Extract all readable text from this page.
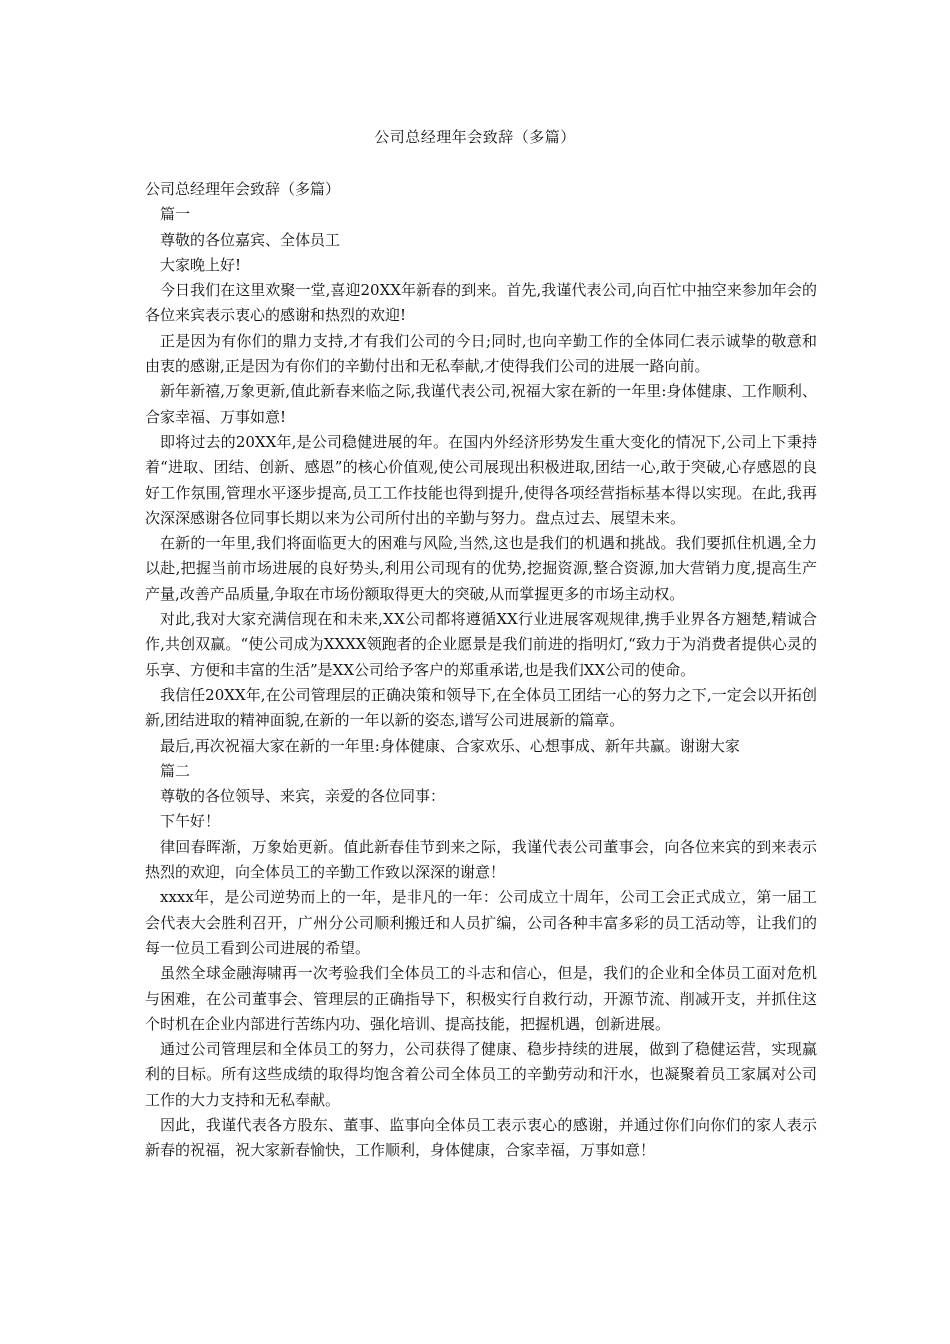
公司总经理年会致辞（多篇）

公司总经理年会致辞（多篇）

篇一

尊敬的各位嘉宾、全体员工

大家晚上好!

今日我们在这里欢聚一堂,喜迎20XX年新春的到来。首先,我谨代表公司,向百忙中抽空来参加年会的各位来宾表示衷心的感谢和热烈的欢迎!

正是因为有你们的鼎力支持,才有我们公司的今日;同时,也向辛勤工作的全体同仁表示诚挚的敬意和由衷的感谢,正是因为有你们的辛勤付出和无私奉献,才使得我们公司的进展一路向前。

新年新禧,万象更新,值此新春来临之际,我谨代表公司,祝福大家在新的一年里:身体健康、工作顺利、合家幸福、万事如意!

即将过去的20XX年,是公司稳健进展的年。在国内外经济形势发生重大变化的情况下,公司上下秉持着“进取、团结、创新、感恩”的核心价值观,使公司展现出积极进取,团结一心,敢于突破,心存感恩的良好工作氛围,管理水平逐步提高,员工工作技能也得到提升,使得各项经营指标基本得以实现。在此,我再次深深感谢各位同事长期以来为公司所付出的辛勤与努力。盘点过去、展望未来。

在新的一年里,我们将面临更大的困难与风险,当然,这也是我们的机遇和挑战。我们要抓住机遇,全力以赴,把握当前市场进展的良好势头,利用公司现有的优势,挖掘资源,整合资源,加大营销力度,提高生产产量,改善产品质量,争取在市场份额取得更大的突破,从而掌握更多的市场主动权。

对此,我对大家充满信现在和未来,ⅩX公司都将遵循XX行业进展客观规律,携手业界各方翘楚,精诚合作,共创双赢。“使公司成为XXXX领跑者的企业愿景是我们前进的指明灯,“致力于为消费者提供心灵的乐享、方便和丰富的生活”是XX公司给予客户的郑重承诺,也是我们XX公司的使命。

我信任20XⅩ年,在公司管理层的正确决策和领导下,在全体员工团结一心的努力之下,一定会以开拓创新,团结进取的精神面貌,在新的一年以新的姿态,谱写公司进展新的篇章。

最后,再次祝福大家在新的一年里:身体健康、合家欢乐、心想事成、新年共赢。谢谢大家

篇二

尊敬的各位领导、来宾，亲爱的各位同事：

下午好！

律回春晖渐，万象始更新。值此新春佳节到来之际，我谨代表公司董事会，向各位来宾的到来表示热烈的欢迎，向全体员工的辛勤工作致以深深的谢意！

xxxx年，是公司逆势而上的一年，是非凡的一年：公司成立十周年，公司工会正式成立，第一届工会代表大会胜利召开，广州分公司顺利搬迁和人员扩编，公司各种丰富多彩的员工活动等，让我们的每一位员工看到公司进展的希望。

虽然全球金融海啸再一次考验我们全体员工的斗志和信心，但是，我们的企业和全体员工面对危机与困难，在公司董事会、管理层的正确指导下，积极实行自救行动，开源节流、削减开支，并抓住这个时机在企业内部进行苦练内功、强化培训、提高技能，把握机遇，创新进展。

通过公司管理层和全体员工的努力，公司获得了健康、稳步持续的进展，做到了稳健运营，实现赢利的目标。所有这些成绩的取得均饱含着公司全体员工的辛勤劳动和汗水，也凝聚着员工家属对公司工作的大力支持和无私奉献。

因此，我谨代表各方股东、董事、监事向全体员工表示衷心的感谢，并通过你们向你们的家人表示新春的祝福，祝大家新春愉快，工作顺利，身体健康，合家幸福，万事如意！
